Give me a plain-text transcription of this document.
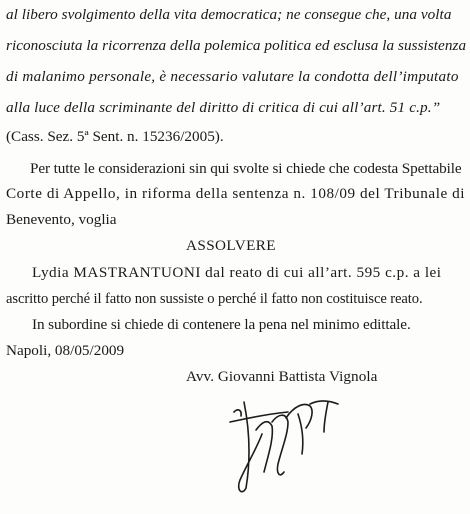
al libero svolgimento della vita democratica; ne consegue che, una volta
riconosciuta la ricorrenza della polemica politica ed esclusa la sussistenza
di malanimo personale, è necessario valutare la condotta dell’imputato
alla luce della scriminante del diritto di critica di cui all’art. 51 c.p.”
(Cass. Sez. 5ª Sent. n. 15236/2005).
Per tutte le considerazioni sin qui svolte si chiede che codesta Spettabile
Corte di Appello, in riforma della sentenza n. 108/09 del Tribunale di
Benevento, voglia
ASSOLVERE
Lydia MASTRANTUONI dal reato di cui all’art. 595 c.p. a lei
ascritto perché il fatto non sussiste o perché il fatto non costituisce reato.
In subordine si chiede di contenere la pena nel minimo edittale.
Napoli, 08/05/2009
Avv. Giovanni Battista Vignola
